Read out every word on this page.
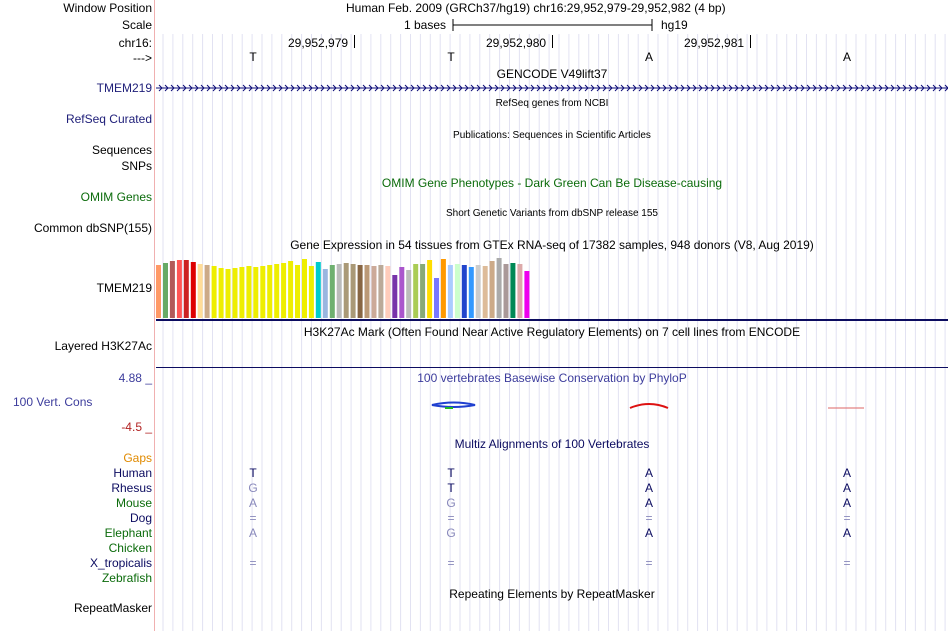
Window Position	Human Feb. 2009 (GRCh37/hg19) chr16:29,952,979-29,952,982 (4 bp)
Scale	1 bases	hg19
chr16:	29,952,979	29,952,980	29,952,981
--->	T	T	A	A
GENCODE V49lift37
TMEM219
RefSeq genes from NCBI
RefSeq Curated
Publications: Sequences in Scientific Articles
Sequences
SNPs
OMIM Gene Phenotypes - Dark Green Can Be Disease-causing
OMIM Genes
Short Genetic Variants from dbSNP release 155
Common dbSNP(155)
Gene Expression in 54 tissues from GTEx RNA-seq of 17382 samples, 948 donors (V8, Aug 2019)
TMEM219
H3K27Ac Mark (Often Found Near Active Regulatory Elements) on 7 cell lines from ENCODE
Layered H3K27Ac
100 vertebrates Basewise Conservation by PhyloP
4.88 _
100 Vert. Cons
-4.5 _
Multiz Alignments of 100 Vertebrates
Gaps
Human	T	T	A	A
Rhesus	G	T	A	A
Mouse	A	G	A	A
Dog	=	=	=	=
Elephant	A	G	A	A
Chicken
X_tropicalis	=	=	=	=
Zebrafish
Repeating Elements by RepeatMasker
RepeatMasker
